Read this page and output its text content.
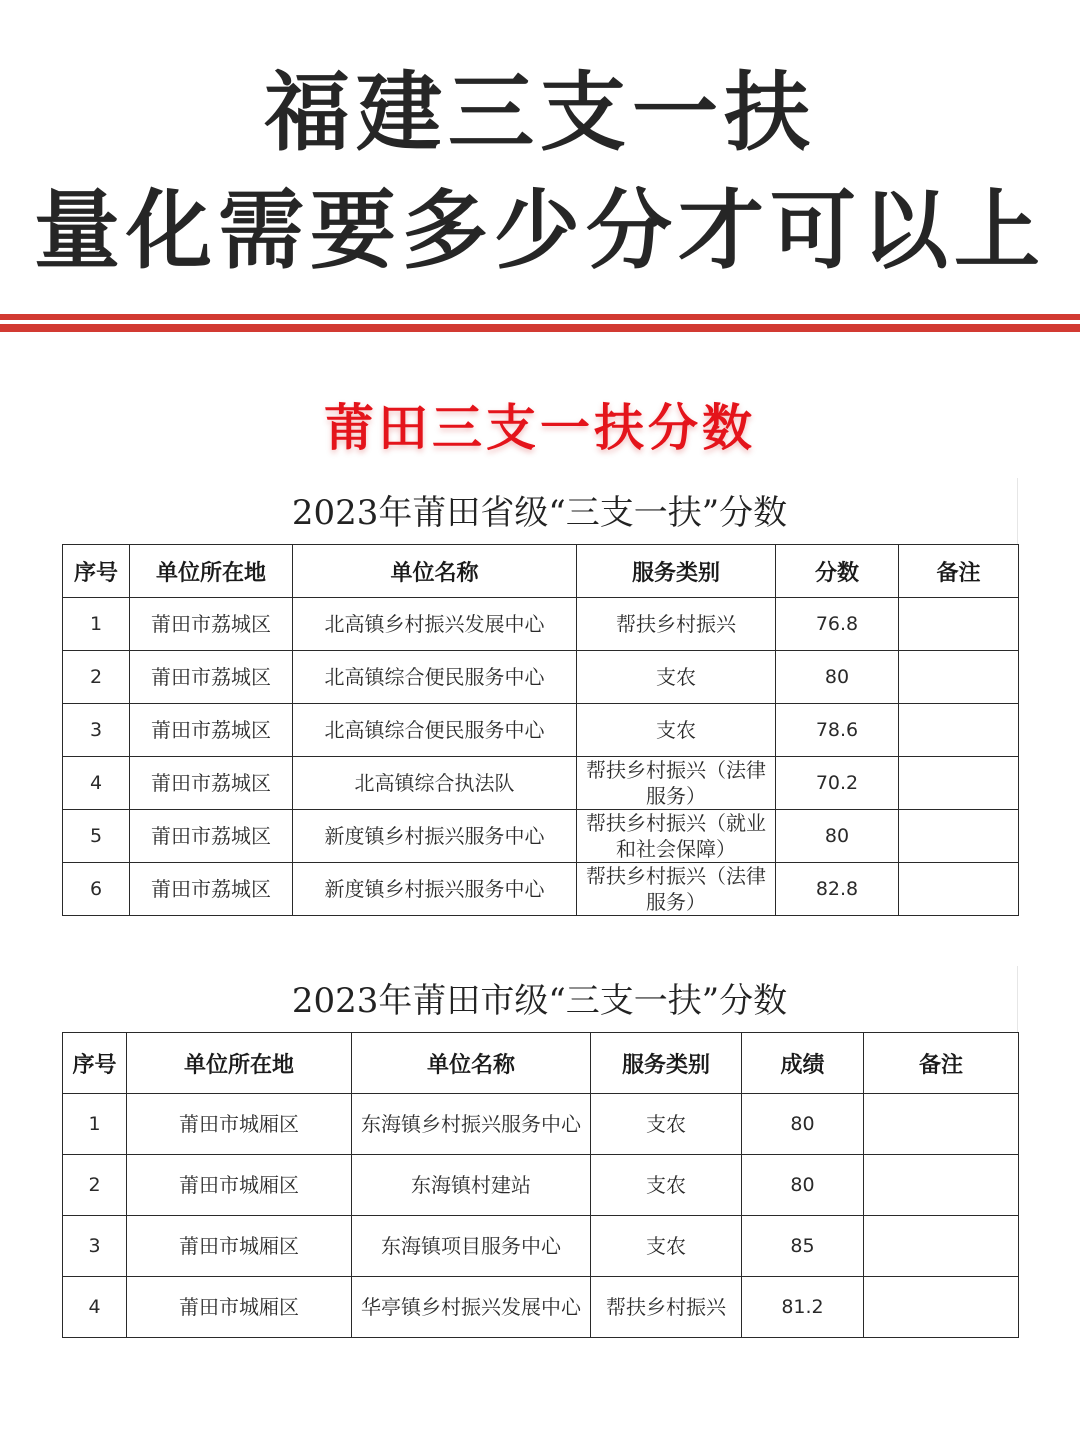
福建三支一扶
量化需要多少分才可以上
莆田三支一扶分数
2023年莆田省级“三支一扶”分数
序号	单位所在地	单位名称	服务类别	分数	备注
1	莆田市荔城区	北高镇乡村振兴发展中心	帮扶乡村振兴	76.8	
2	莆田市荔城区	北高镇综合便民服务中心	支农	80	
3	莆田市荔城区	北高镇综合便民服务中心	支农	78.6	
4	莆田市荔城区	北高镇综合执法队	帮扶乡村振兴（法律服务）	70.2	
5	莆田市荔城区	新度镇乡村振兴服务中心	帮扶乡村振兴（就业和社会保障）	80	
6	莆田市荔城区	新度镇乡村振兴服务中心	帮扶乡村振兴（法律服务）	82.8	
2023年莆田市级“三支一扶”分数
序号	单位所在地	单位名称	服务类别	成绩	备注
1	莆田市城厢区	东海镇乡村振兴服务中心	支农	80	
2	莆田市城厢区	东海镇村建站	支农	80	
3	莆田市城厢区	东海镇项目服务中心	支农	85	
4	莆田市城厢区	华亭镇乡村振兴发展中心	帮扶乡村振兴	81.2	
